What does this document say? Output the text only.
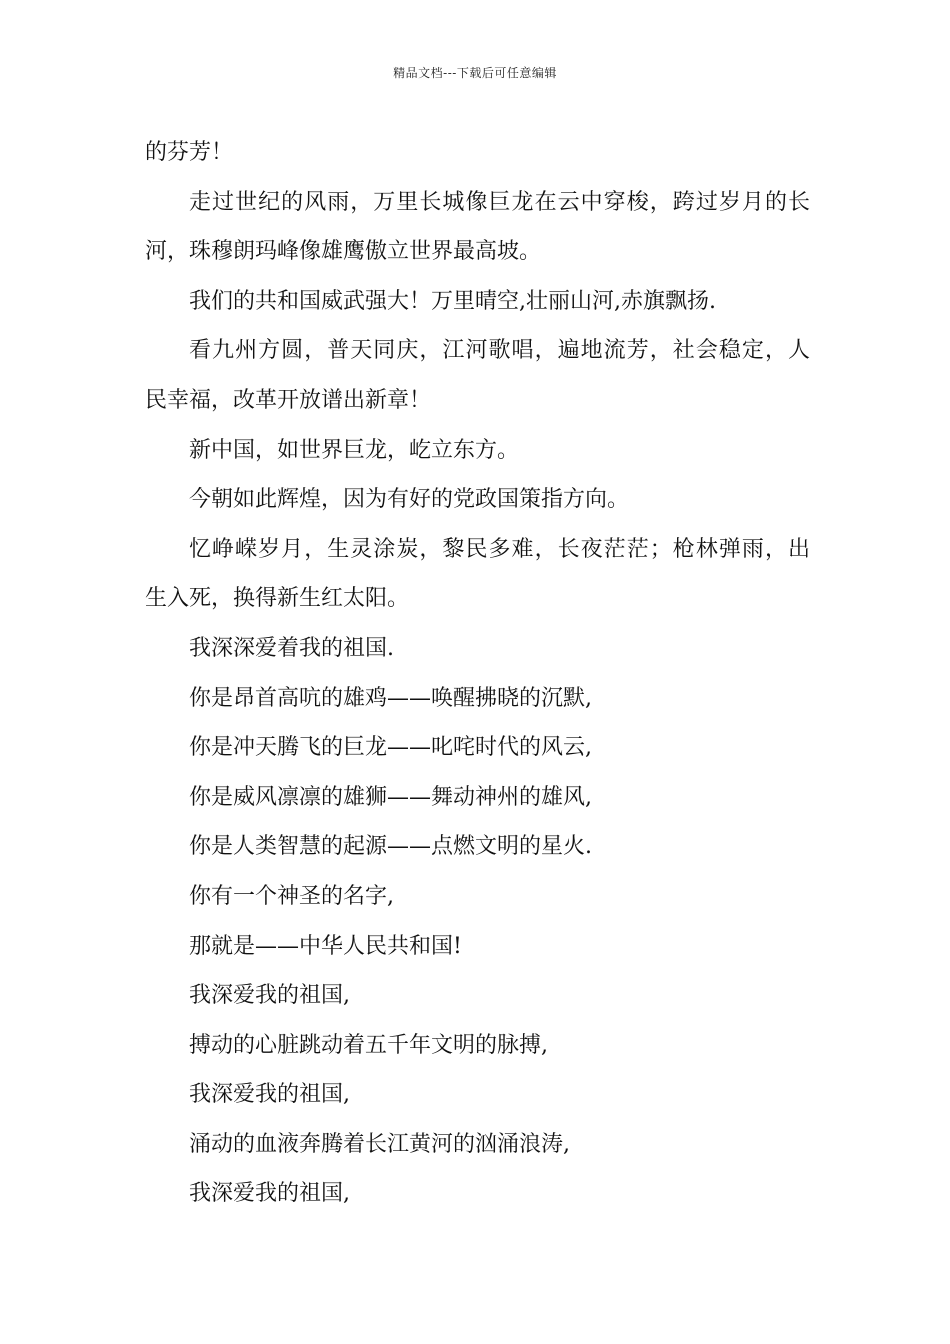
精品文档---下载后可任意编辑
的芬芳！
走过世纪的风雨，万里长城像巨龙在云中穿梭，跨过岁月的长
河，珠穆朗玛峰像雄鹰傲立世界最高坡。
我们的共和国威武强大！万里晴空,壮丽山河,赤旗飘扬.
看九州方圆，普天同庆，江河歌唱，遍地流芳，社会稳定，人
民幸福，改革开放谱出新章！
新中国，如世界巨龙，屹立东方。
今朝如此辉煌，因为有好的党政国策指方向。
忆峥嵘岁月，生灵涂炭，黎民多难，长夜茫茫；枪林弹雨，出
生入死，换得新生红太阳。
我深深爱着我的祖国.
你是昂首高吭的雄鸡——唤醒拂晓的沉默,
你是冲天腾飞的巨龙——叱咤时代的风云,
你是威风凛凛的雄狮——舞动神州的雄风,
你是人类智慧的起源——点燃文明的星火.
你有一个神圣的名字,
那就是——中华人民共和国!
我深爱我的祖国,
搏动的心脏跳动着五千年文明的脉搏,
我深爱我的祖国,
涌动的血液奔腾着长江黄河的汹涌浪涛,
我深爱我的祖国,
